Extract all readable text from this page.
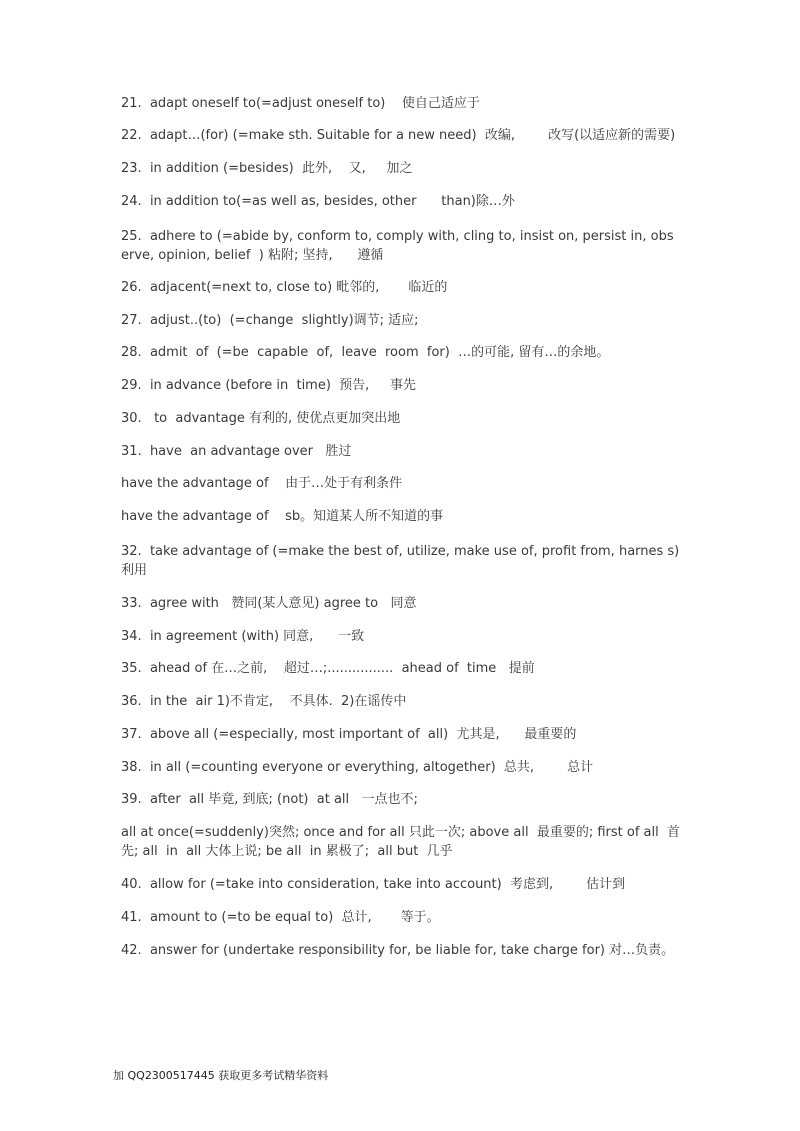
21.  adapt oneself to(=adjust oneself to)    使自己适应于
22.  adapt…(for) (=make sth. Suitable for a new need)  改编,        改写(以适应新的需要)
23.  in addition (=besides)  此外,    又,     加之
24.  in addition to(=as well as, besides, other      than)除…外
25.  adhere to (=abide by, conform to, comply with, cling to, insist on, persist in, observe, opinion, belief  ) 粘附; 坚持,      遵循
26.  adjacent(=next to, close to) 毗邻的,       临近的
27.  adjust..(to)  (=change  slightly)调节; 适应;
28.  admit  of  (=be  capable  of,  leave  room  for)  …的可能, 留有…的余地。
29.  in advance (before in  time)  预告,     事先
30.   to  advantage 有利的, 使优点更加突出地
31.  have  an advantage over   胜过
have the advantage of    由于…处于有利条件
have the advantage of    sb。知道某人所不知道的事
32.  take advantage of (=make the best of, utilize, make use of, profit from, harnes s)利用
33.  agree with   赞同(某人意见) agree to   同意
34.  in agreement (with) 同意,      一致
35.  ahead of 在…之前,    超过…;................  ahead of  time   提前
36.  in the  air 1)不肯定,    不具体.  2)在谣传中
37.  above all (=especially, most important of  all)  尤其是,      最重要的
38.  in all (=counting everyone or everything, altogether)  总共,        总计
39.  after  all 毕竟, 到底; (not)  at all   一点也不;
all at once(=suddenly)突然; once and for all 只此一次; above all  最重要的; first of all  首先; all  in  all 大体上说; be all  in 累极了;  all but  几乎
40.  allow for (=take into consideration, take into account)  考虑到,        估计到
41.  amount to (=to be equal to)  总计,       等于。
42.  answer for (undertake responsibility for, be liable for, take charge for) 对…负责。
加 QQ2300517445 获取更多考试精华资料
